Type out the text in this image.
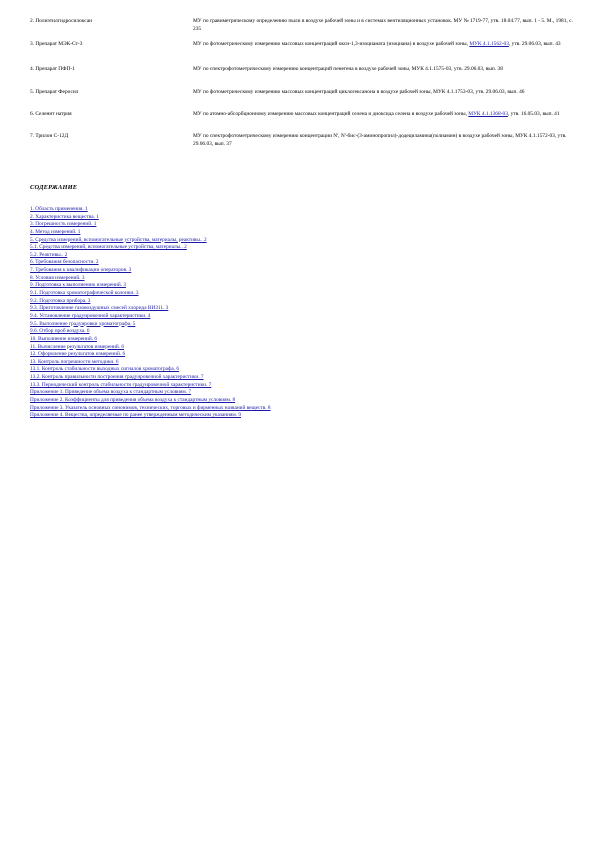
2. Полиэтилгидросилоксан	МУ по гравиметрическому определению пыли в воздухе рабочей зоны и в системах вентиляционных установок. МУ № 1719-77, утв. 18.04.77, вып. 1 - 5. М., 1981, с. 235
3. Препарат МЭК-Ст-3	МУ по фотометрическому измерению массовых концентраций окси-1,3-изоцианата (изоциана) в воздухе рабочей зоны, МУК 4.1.1562-03, утв. 29.06.03, вып. 43
4. Препарат ПФП-1	МУ по спектрофотометрическому измерению концентраций пенегена в воздухе рабочей зоны, МУК 4.1.1575-03, утв. 29.06.03, вып. 38
5. Препарат Феросил	МУ по фотометрическому измерению массовых концентраций циклогексанона в воздухе рабочей зоны, МУК 4.1.1753-03, утв. 29.06.03, вып. 46
6. Селеннт натрия	МУ по атомно-абсорбционному измерению массовых концентраций селена и диоксида селена в воздухе рабочей зоны, МУК 4.1.1368-03, утв. 16.05.03, вып. 41
7. Трилон С-12Д	МУ по спектрофотометрическому измерению концентрации N', N'-бис-(3-аминопропил)-додециламина(полиамин) в воздухе рабочей зоны, МУК 4.1.1572-03, утв. 29.06.03, вып. 37
СОДЕРЖАНИЕ
1. Область применения. 1
2. Характеристика вещества. 1
3. Погрешность измерений. 1
4. Метод измерений. 1
5. Средства измерений, вспомогательные устройства, материалы, реактивы.. 2
5.1. Средства измерений, вспомогательные устройства, материалы.. 2
5.2. Реактивы.. 2
6. Требования безопасности. 2
7. Требования к квалификации операторов. 3
8. Условия измерений. 3
9. Подготовка к выполнению измерений. 3
9.1. Подготовка хроматографической колонки. 3
9.2. Подготовка прибора. 3
9.3. Приготовление газовоздушных смесей хлорида ВИЗ11. 3
9.4. Установление градуировочной характеристики. 4
9.5. Выполнение градуировки хроматографа. 5
9.6. Отбор проб воздуха. 6
10. Выполнение измерений. 6
11. Вычисление результатов измерений. 6
12. Оформление результатов измерений. 6
13. Контроль погрешности методики. 6
13.1. Контроль стабильности выходных сигналов хроматографа. 6
13.2. Контроль правильности построения градуировочной характеристики. 7
13.3. Периодический контроль стабильности градуировочной характеристики. 7
Приложение 1. Приведение объема воздуха к стандартным условиям. 7
Приложение 2. Коэффициенты для приведения объема воздуха к стандартным условиям. 8
Приложение 3. Указатель основных синонимов, технических, торговых и фирменных названий веществ. 8
Приложение 4. Вещества, определяемые по ранее утвержденным методическим указаниям. 9
